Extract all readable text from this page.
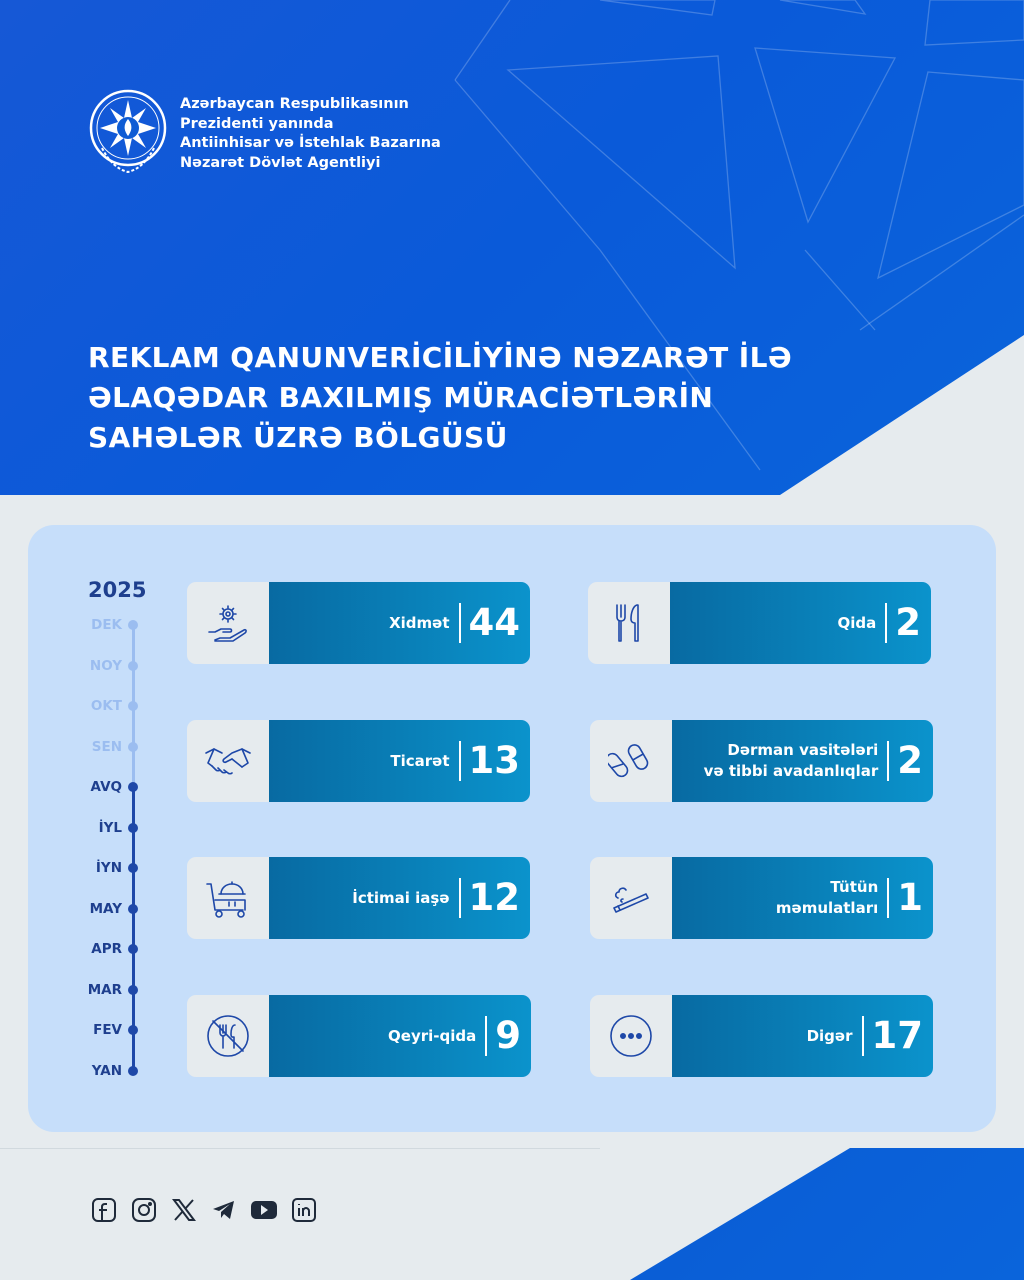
Azərbaycan Respublikasının
Prezidenti yanında
Antiinhisar və İstehlak Bazarına
Nəzarət Dövlət Agentliyi
REKLAM QANUNVERİCİLİYİNƏ NƏZARƏT İLƏ
ƏLAQƏDAR BAXILMIŞ MÜRACİƏTLƏRİN
SAHƏLƏR ÜZRƏ BÖLGÜSÜ
2025
DEK
NOY
OKT
SEN
AVQ
İYL
İYN
MAY
APR
MAR
FEV
YAN
Xidmət 44
Ticarət 13
İctimai iaşə 12
Qeyri-qida 9
Qida 2
Dərman vasitələri
və tibbi avadanlıqlar 2
Tütün
məmulatları 1
Digər 17
